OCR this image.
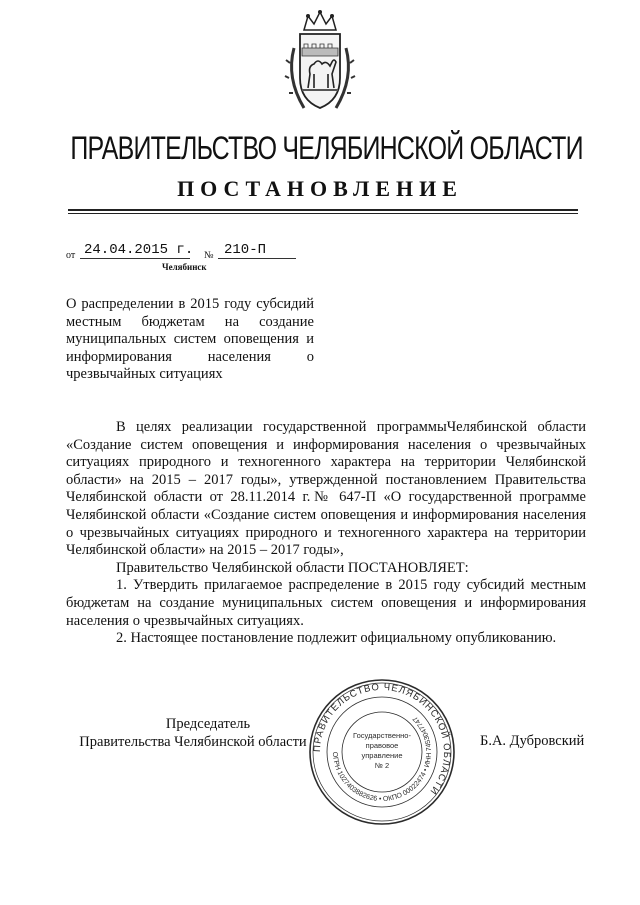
ПРАВИТЕЛЬСТВО ЧЕЛЯБИНСКОЙ ОБЛАСТИ
ПОСТАНОВЛЕНИЕ
от 24.04.2015 г. № 210-П
Челябинск
О распределении в 2015 году субсидий местным бюджетам на создание муниципальных систем оповещения и информирования населения о чрезвычайных ситуациях

В целях реализации государственной программыЧелябинской области «Создание систем оповещения и информирования населения о чрезвычайных ситуациях природного и техногенного характера на территории Челябинской области» на 2015 – 2017 годы», утвержденной постановлением Правительства Челябинской области от 28.11.2014 г.№ 647-П «О государственной программе Челябинской области «Создание систем оповещения и информирования населения о чрезвычайных ситуациях природного и техногенного характера на территории Челябинской области» на 2015 – 2017 годы»,

Правительство Челябинской области ПОСТАНОВЛЯЕТ:

1. Утвердить прилагаемое распределение в 2015 году субсидий местным бюджетам на создание муниципальных систем оповещения и информирования населения о чрезвычайных ситуациях.

2. Настоящее постановление подлежит официальному опубликованию.

Председатель
Правительства Челябинской области	Б.А. Дубровский
ПРАВИТЕЛЬСТВО ЧЕЛЯБИНСКОЙ ОБЛАСТИ
ОГРН 1027403882626 • ОКПО 00022474 • ИНН 7453047747
Государственно-
правовое
управление
№ 2
